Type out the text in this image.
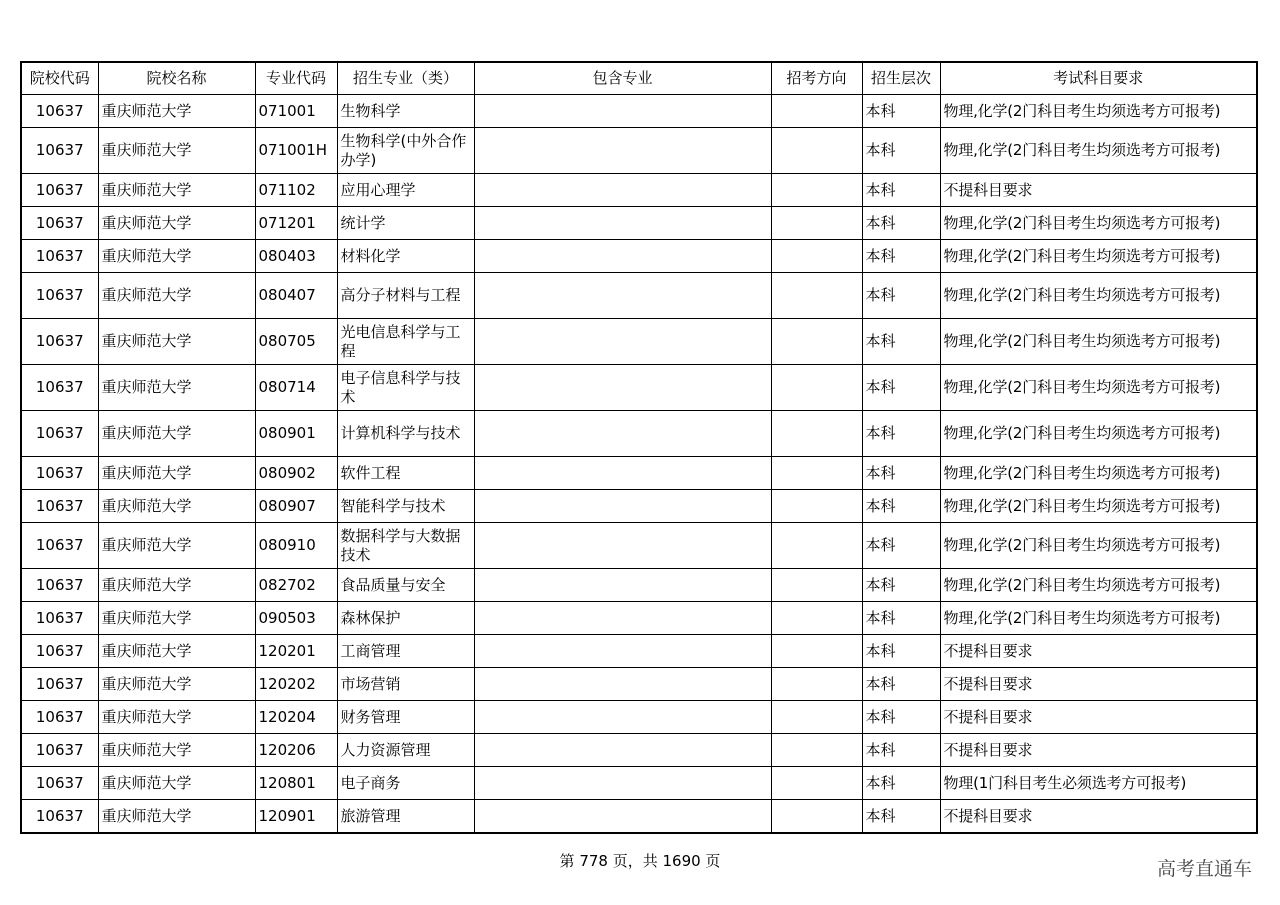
院校代码	院校名称	专业代码	招生专业（类）	包含专业	招考方向	招生层次	考试科目要求
10637	重庆师范大学	071001	生物科学			本科	物理,化学(2门科目考生均须选考方可报考)
10637	重庆师范大学	071001H	生物科学(中外合作办学)			本科	物理,化学(2门科目考生均须选考方可报考)
10637	重庆师范大学	071102	应用心理学			本科	不提科目要求
10637	重庆师范大学	071201	统计学			本科	物理,化学(2门科目考生均须选考方可报考)
10637	重庆师范大学	080403	材料化学			本科	物理,化学(2门科目考生均须选考方可报考)
10637	重庆师范大学	080407	高分子材料与工程			本科	物理,化学(2门科目考生均须选考方可报考)
10637	重庆师范大学	080705	光电信息科学与工程			本科	物理,化学(2门科目考生均须选考方可报考)
10637	重庆师范大学	080714	电子信息科学与技术			本科	物理,化学(2门科目考生均须选考方可报考)
10637	重庆师范大学	080901	计算机科学与技术			本科	物理,化学(2门科目考生均须选考方可报考)
10637	重庆师范大学	080902	软件工程			本科	物理,化学(2门科目考生均须选考方可报考)
10637	重庆师范大学	080907	智能科学与技术			本科	物理,化学(2门科目考生均须选考方可报考)
10637	重庆师范大学	080910	数据科学与大数据技术			本科	物理,化学(2门科目考生均须选考方可报考)
10637	重庆师范大学	082702	食品质量与安全			本科	物理,化学(2门科目考生均须选考方可报考)
10637	重庆师范大学	090503	森林保护			本科	物理,化学(2门科目考生均须选考方可报考)
10637	重庆师范大学	120201	工商管理			本科	不提科目要求
10637	重庆师范大学	120202	市场营销			本科	不提科目要求
10637	重庆师范大学	120204	财务管理			本科	不提科目要求
10637	重庆师范大学	120206	人力资源管理			本科	不提科目要求
10637	重庆师范大学	120801	电子商务			本科	物理(1门科目考生必须选考方可报考)
10637	重庆师范大学	120901	旅游管理			本科	不提科目要求
第 778 页，共 1690 页	高考直通车
